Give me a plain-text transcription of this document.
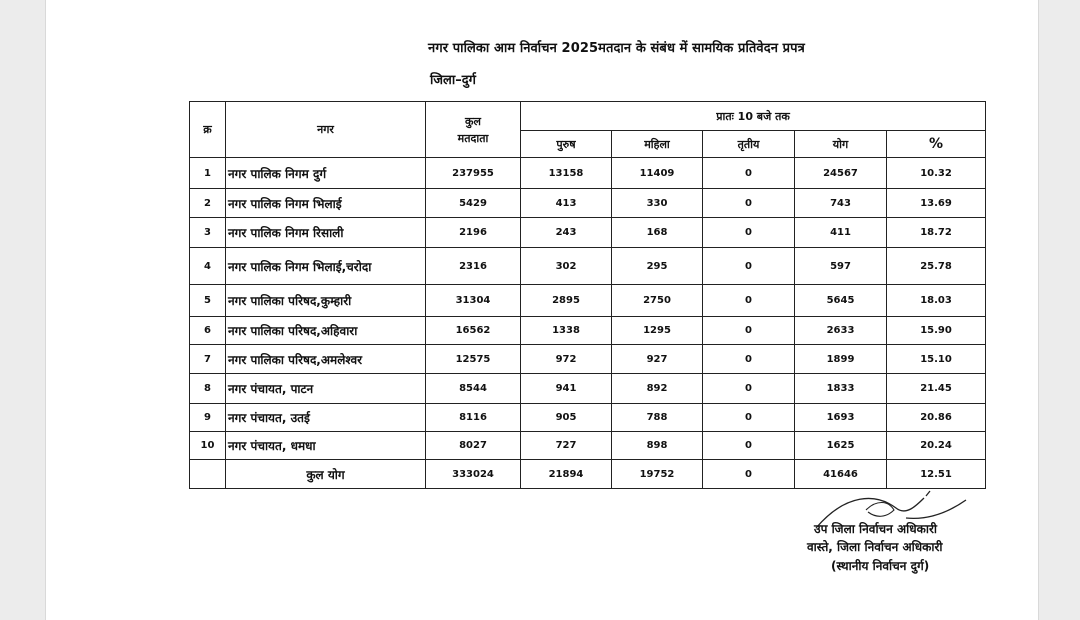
नगर पालिका आम निर्वाचन 2025मतदान के संबंध में सामयिक प्रतिवेदन प्रपत्र
जिला–दुर्ग
क्र	नगर	कुल मतदाता	प्रातः 10 बजे तक				
			पुरुष	महिला	तृतीय	योग	%
1	नगर पालिक निगम दुर्ग	237955	13158	11409	0	24567	10.32
2	नगर पालिक निगम भिलाई	5429	413	330	0	743	13.69
3	नगर पालिक निगम रिसाली	2196	243	168	0	411	18.72
4	नगर पालिक निगम भिलाई,चरोदा	2316	302	295	0	597	25.78
5	नगर पालिका परिषद,कुम्हारी	31304	2895	2750	0	5645	18.03
6	नगर पालिका परिषद,अहिवारा	16562	1338	1295	0	2633	15.90
7	नगर पालिका परिषद,अमलेश्वर	12575	972	927	0	1899	15.10
8	नगर पंचायत, पाटन	8544	941	892	0	1833	21.45
9	नगर पंचायत, उतई	8116	905	788	0	1693	20.86
10	नगर पंचायत, धमधा	8027	727	898	0	1625	20.24
	कुल योग	333024	21894	19752	0	41646	12.51
उप जिला निर्वाचन अधिकारी
वास्ते, जिला निर्वाचन अधिकारी
(स्थानीय निर्वाचन दुर्ग)
